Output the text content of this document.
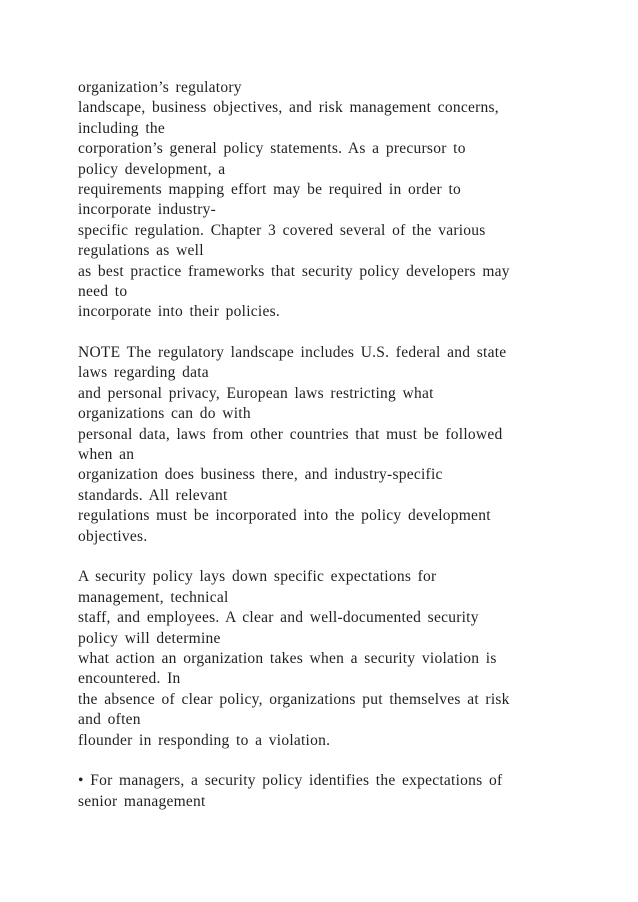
organization’s regulatory
landscape, business objectives, and risk management concerns,
including the
corporation’s general policy statements. As a precursor to
policy development, a
requirements mapping effort may be required in order to
incorporate industry-
specific regulation. Chapter 3 covered several of the various
regulations as well
as best practice frameworks that security policy developers may
need to
incorporate into their policies.

NOTE The regulatory landscape includes U.S. federal and state
laws regarding data
and personal privacy, European laws restricting what
organizations can do with
personal data, laws from other countries that must be followed
when an
organization does business there, and industry-specific
standards. All relevant
regulations must be incorporated into the policy development
objectives.

A security policy lays down specific expectations for
management, technical
staff, and employees. A clear and well-documented security
policy will determine
what action an organization takes when a security violation is
encountered. In
the absence of clear policy, organizations put themselves at risk
and often
flounder in responding to a violation.

• For managers, a security policy identifies the expectations of
senior management
